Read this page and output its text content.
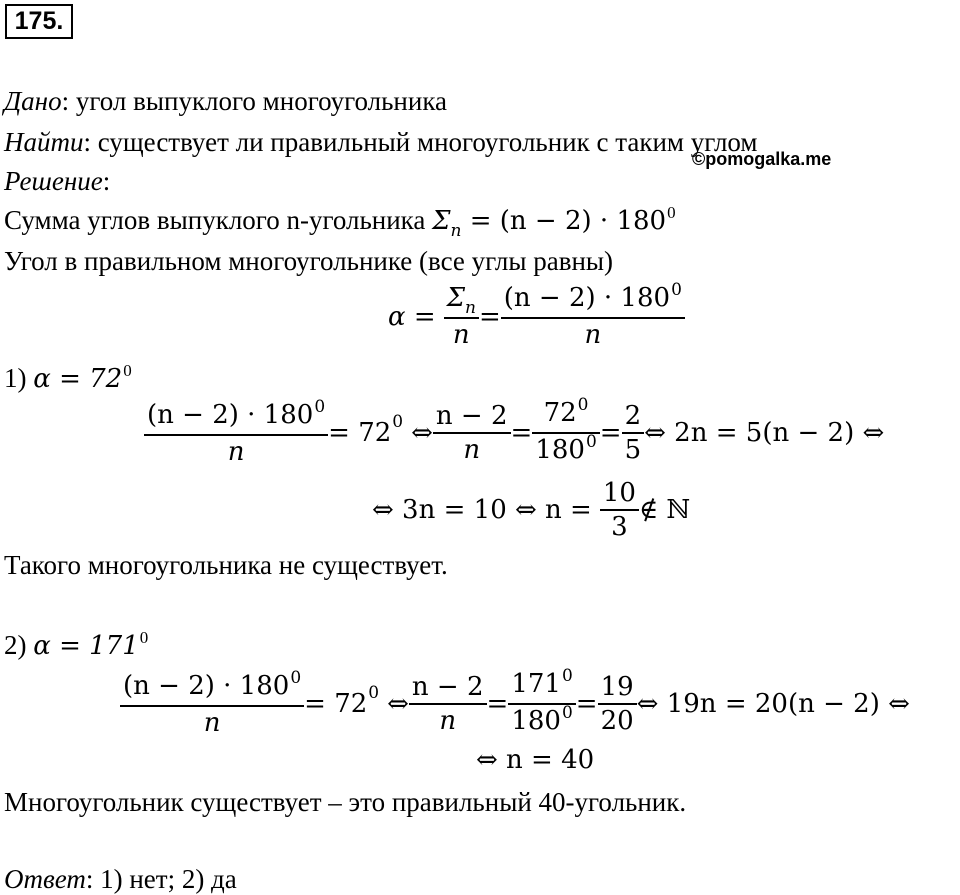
175.
©pomogalka.me
Дано: угол выпуклого многоугольника
Найти: существует ли правильный многоугольник с таким углом
Решение:
Сумма углов выпуклого n-угольника $\Sigma_n = (n - 2) \cdot 180^0$
Угол в правильном многоугольнике (все углы равны)
$\alpha = \frac{\Sigma_n}{n} = \frac{(n - 2) \cdot 180^0}{n}$
1) $\alpha = 72^0$
$\frac{(n - 2) \cdot 180^0}{n} = 72$ 0 ⇔ $\frac{n - 2}{n} = \frac{72^0}{180^0} = \frac{2}{5}$ ⇔ 2n = 5(n − 2) ⇔
⇔ 3n = 10 ⇔ $n = \frac{10}{3}$ ∉ ℕ
Такого многоугольника не существует.
2) $\alpha = 171^0$
$\frac{(n - 2) \cdot 180^0}{n} = 72$ 0 ⇔ $\frac{n - 2}{n} = \frac{171^0}{180^0} = \frac{19}{20}$ ⇔ 19n = 20(n − 2) ⇔
⇔ n = 40
Многоугольник существует – это правильный 40-угольник.
Ответ: 1) нет; 2) да
